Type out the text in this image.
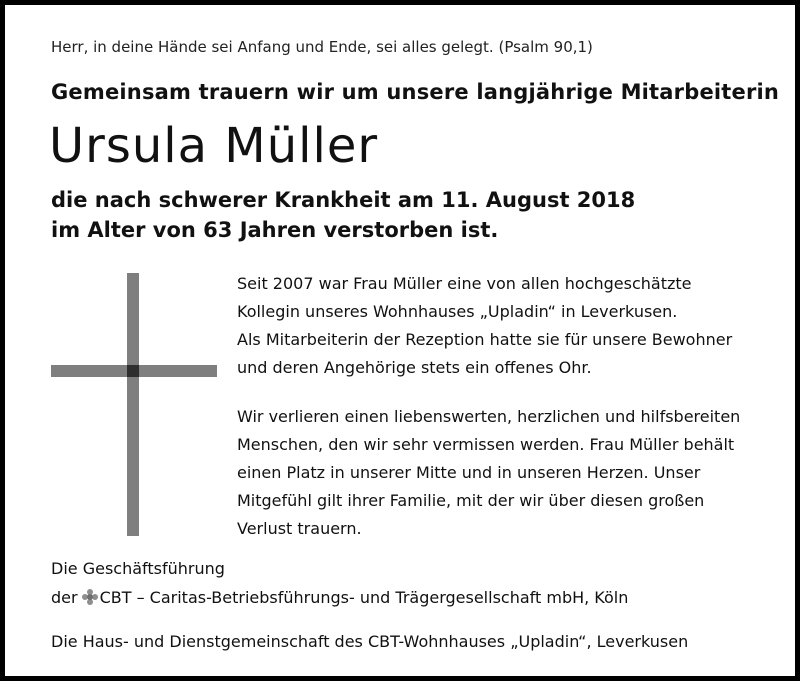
Herr, in deine Hände sei Anfang und Ende, sei alles gelegt. (Psalm 90,1)
Gemeinsam trauern wir um unsere langjährige Mitarbeiterin
Ursula Müller
die nach schwerer Krankheit am 11. August 2018
im Alter von 63 Jahren verstorben ist.
Seit 2007 war Frau Müller eine von allen hochgeschätzte
Kollegin unseres Wohnhauses „Upladin“ in Leverkusen.
Als Mitarbeiterin der Rezeption hatte sie für unsere Bewohner
und deren Angehörige stets ein offenes Ohr.
Wir verlieren einen liebenswerten, herzlichen und hilfsbereiten
Menschen, den wir sehr vermissen werden. Frau Müller behält
einen Platz in unserer Mitte und in unseren Herzen. Unser
Mitgefühl gilt ihrer Familie, mit der wir über diesen großen
Verlust trauern.
Die Geschäftsführung
der CBT – Caritas-Betriebsführungs- und Trägergesellschaft mbH, Köln
Die Haus- und Dienstgemeinschaft des CBT-Wohnhauses „Upladin“, Leverkusen
